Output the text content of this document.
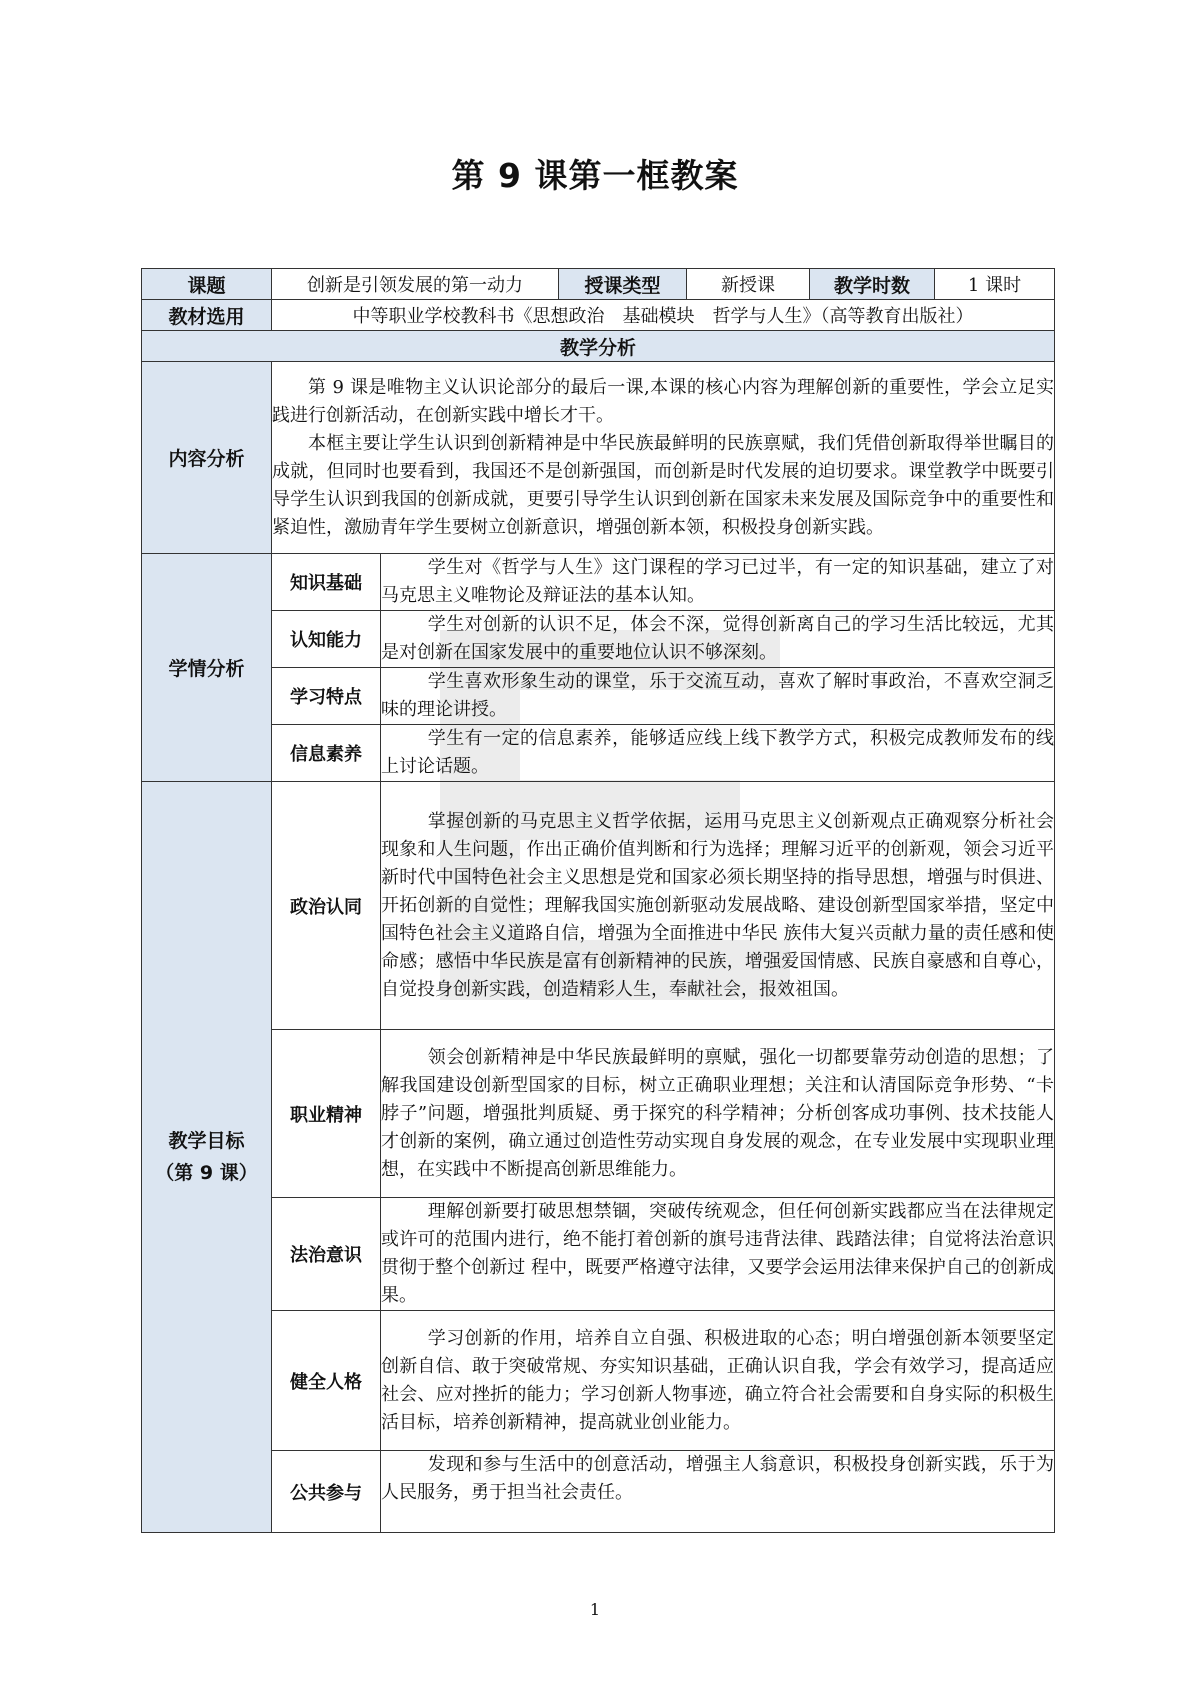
第 9 课第一框教案
课题	创新是引领发展的第一动力		授课类型	新授课	教学时数	1 课时
教材选用	中等职业学校教科书《思想政治　基础模块　哲学与人生》（高等教育出版社）					
教学分析						
内容分析	第 9 课是唯物主义认识论部分的最后一课,本课的核心内容为理解创新的重要性，学会立足实践进行创新活动，在创新实践中增长才干。

本框主要让学生认识到创新精神是中华民族最鲜明的民族禀赋，我们凭借创新取得举世瞩目的成就，但同时也要看到，我国还不是创新强国，而创新是时代发展的迫切要求。课堂教学中既要引导学生认识到我国的创新成就，更要引导学生认识到创新在国家未来发展及国际竞争中的重要性和紧迫性，激励青年学生要树立创新意识，增强创新本领，积极投身创新实践。					

学情分析	知识基础	学生对《哲学与人生》这门课程的学习已过半，有一定的知识基础，建立了对马克思主义唯物论及辩证法的基本认知。				

	认知能力	学生对创新的认识不足，体会不深，觉得创新离自己的学习生活比较远，尤其是对创新在国家发展中的重要地位认识不够深刻。				

	学习特点	学生喜欢形象生动的课堂，乐于交流互动，喜欢了解时事政治，不喜欢空洞乏味的理论讲授。				

	信息素养	学生有一定的信息素养，能够适应线上线下教学方式，积极完成教师发布的线上讨论话题。				

教学目标
（第 9 课）	政治认同	掌握创新的马克思主义哲学依据，运用马克思主义创新观点正确观察分析社会现象和人生问题，作出正确价值判断和行为选择；理解习近平的创新观，领会习近平新时代中国特色社会主义思想是党和国家必须长期坚持的指导思想，增强与时俱进、开拓创新的自觉性；理解我国实施创新驱动发展战略、建设创新型国家举措，坚定中国特色社会主义道路自信，增强为全面推进中华民 族伟大复兴贡献力量的责任感和使命感；感悟中华民族是富有创新精神的民族，增强爱国情感、民族自豪感和自尊心，自觉投身创新实践，创造精彩人生，奉献社会，报效祖国。				

	职业精神	领会创新精神是中华民族最鲜明的禀赋，强化一切都要靠劳动创造的思想；了解我国建设创新型国家的目标，树立正确职业理想；关注和认清国际竞争形势、“卡脖子”问题，增强批判质疑、勇于探究的科学精神；分析创客成功事例、技术技能人才创新的案例，确立通过创造性劳动实现自身发展的观念，在专业发展中实现职业理想，在实践中不断提高创新思维能力。				

	法治意识	理解创新要打破思想禁锢，突破传统观念，但任何创新实践都应当在法律规定或许可的范围内进行，绝不能打着创新的旗号违背法律、践踏法律；自觉将法治意识贯彻于整个创新过 程中，既要严格遵守法律，又要学会运用法律来保护自己的创新成果。				

	健全人格	学习创新的作用，培养自立自强、积极进取的心态；明白增强创新本领要坚定创新自信、敢于突破常规、夯实知识基础，正确认识自我，学会有效学习，提高适应社会、应对挫折的能力；学习创新人物事迹，确立符合社会需要和自身实际的积极生活目标，培养创新精神，提高就业创业能力。				

	公共参与	发现和参与生活中的创意活动，增强主人翁意识，积极投身创新实践，乐于为人民服务，勇于担当社会责任。				

1
